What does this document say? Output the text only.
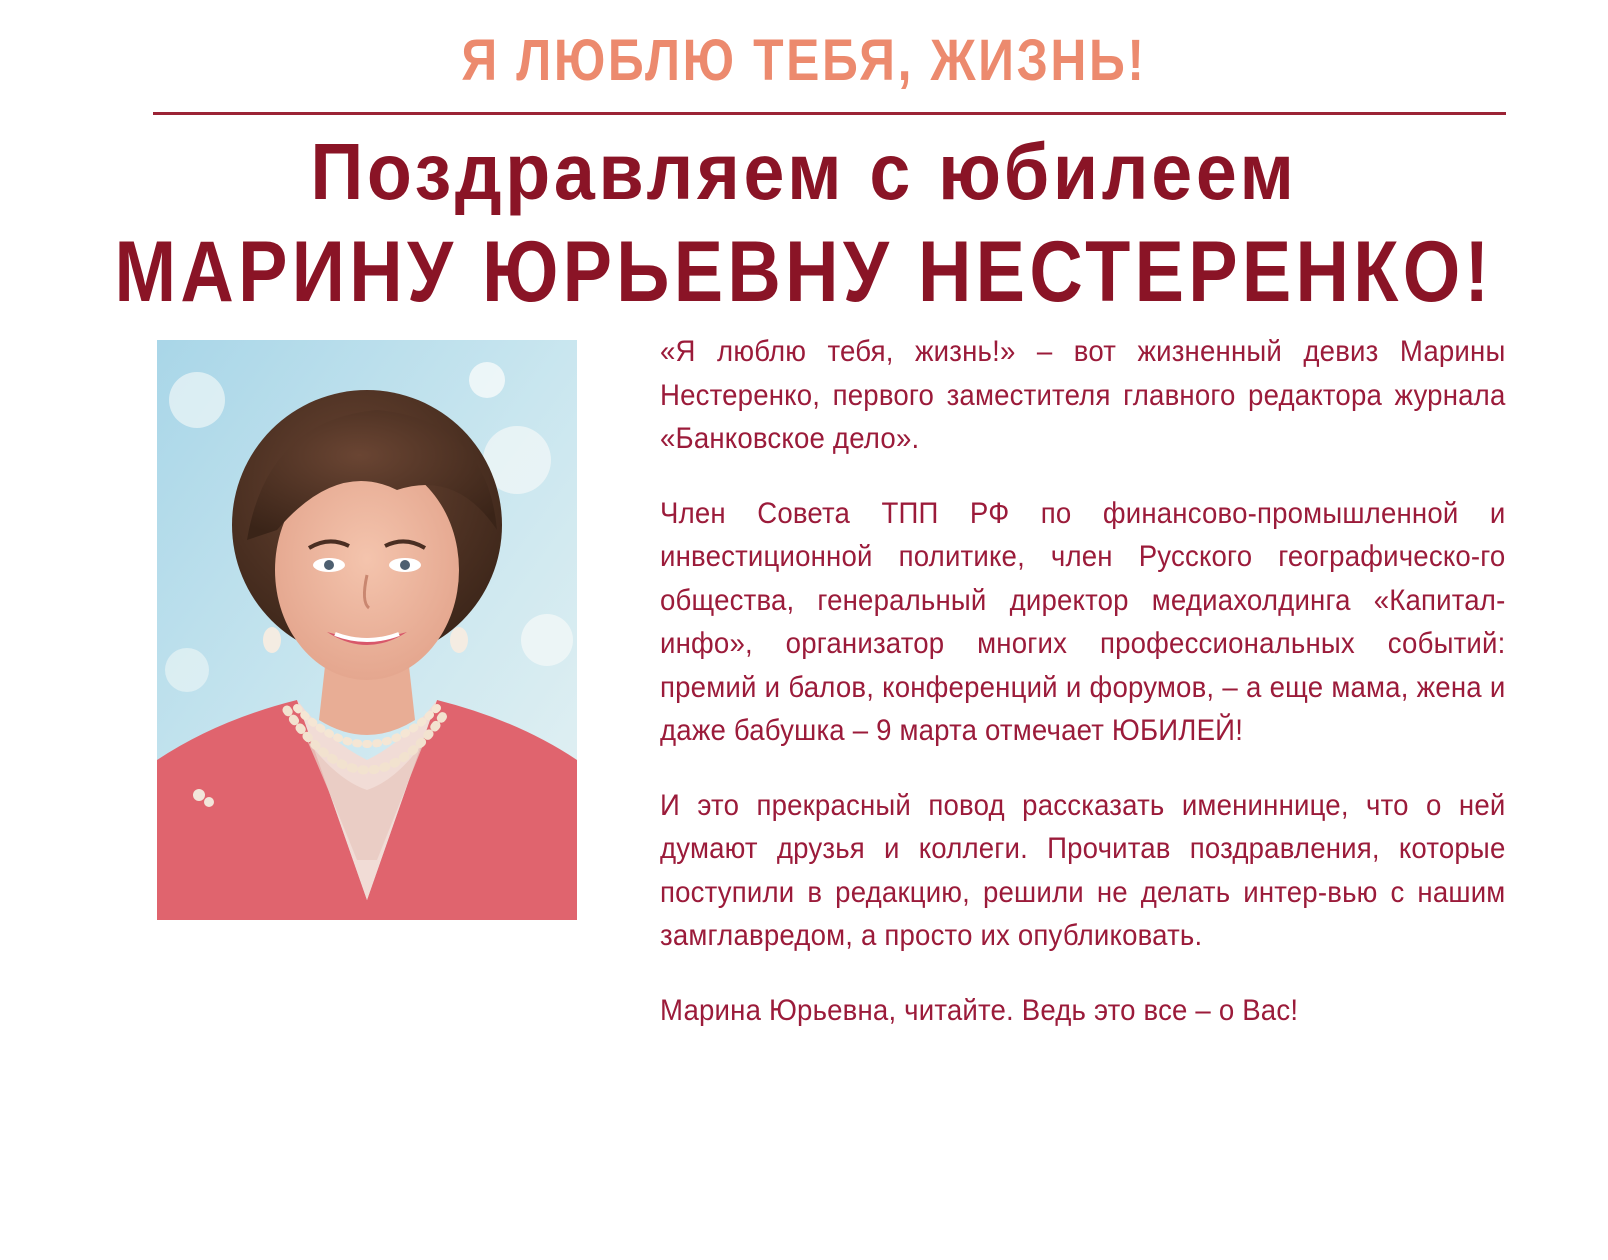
Я ЛЮБЛЮ ТЕБЯ, ЖИЗНЬ!
Поздравляем с юбилеем
МАРИНУ ЮРЬЕВНУ НЕСТЕРЕНКО!

«Я люблю тебя, жизнь!» – вот жизненный девиз Марины Нестеренко, первого заместителя главного редактора журнала «Банковское дело».

Член Совета ТПП РФ по финансово-промышленной и инвестиционной политике, член Русского географическо-го общества, генеральный директор медиахолдинга «Капитал-инфо», организатор многих профессиональных событий: премий и балов, конференций и форумов, – а еще мама, жена и даже бабушка – 9 марта отмечает ЮБИЛЕЙ!

И это прекрасный повод рассказать имениннице, что о ней думают друзья и коллеги. Прочитав поздравления, которые поступили в редакцию, решили не делать интер-вью с нашим замглавредом, а просто их опубликовать.

Марина Юрьевна, читайте. Ведь это все – о Вас!
